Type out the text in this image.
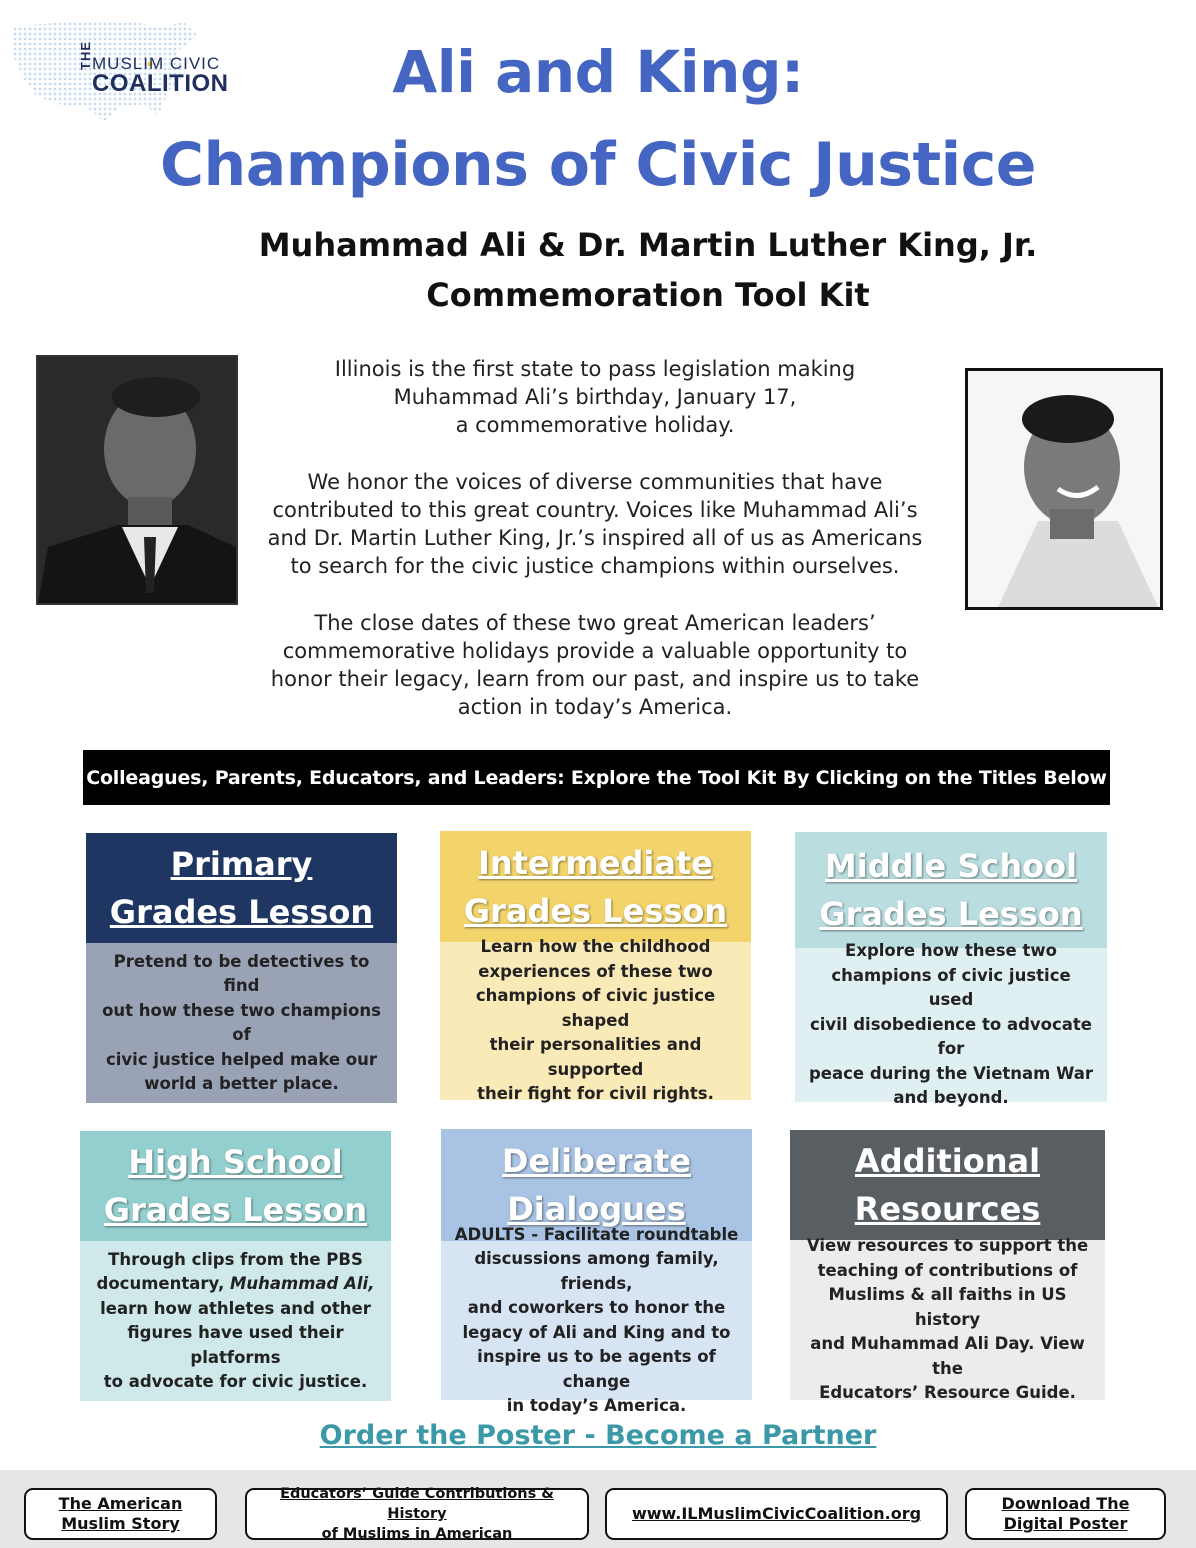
THE MUSLIM CIVIC
COALITION	Ali and King:
Champions of Civic Justice
Muhammad Ali & Dr. Martin Luther King, Jr.
Commemoration Tool Kit
Illinois is the first state to pass legislation making
Muhammad Ali’s birthday, January 17,
a commemorative holiday.
We honor the voices of diverse communities that have
contributed to this great country. Voices like Muhammad Ali’s
and Dr. Martin Luther King, Jr.’s inspired all of us as Americans
to search for the civic justice champions within ourselves.
The close dates of these two great American leaders’
commemorative holidays provide a valuable opportunity to
honor their legacy, learn from our past, and inspire us to take
action in today’s America.
Colleagues, Parents, Educators, and Leaders: Explore the Tool Kit By Clicking on the Titles Below
Primary
Grades Lesson
Pretend to be detectives to find
out how these two champions of
civic justice helped make our
world a better place.
Intermediate
Grades Lesson
Learn how the childhood
experiences of these two
champions of civic justice shaped
their personalities and supported
their fight for civil rights.
Middle School
Grades Lesson
Explore how these two
champions of civic justice used
civil disobedience to advocate for
peace during the Vietnam War
and beyond.
High School
Grades Lesson
Through clips from the PBS
documentary, Muhammad Ali,
learn how athletes and other
figures have used their platforms
to advocate for civic justice.
Deliberate
Dialogues
ADULTS - Facilitate roundtable
discussions among family, friends,
and coworkers to honor the
legacy of Ali and King and to
inspire us to be agents of change
in today’s America.
Additional
Resources
View resources to support the
teaching of contributions of
Muslims & all faiths in US history
and Muhammad Ali Day. View the
Educators’ Resource Guide.
Order the Poster - Become a Partner
The American
Muslim Story
Educators’ Guide Contributions & History
of Muslims in American
www.ILMuslimCivicCoalition.org
Download The
Digital Poster
